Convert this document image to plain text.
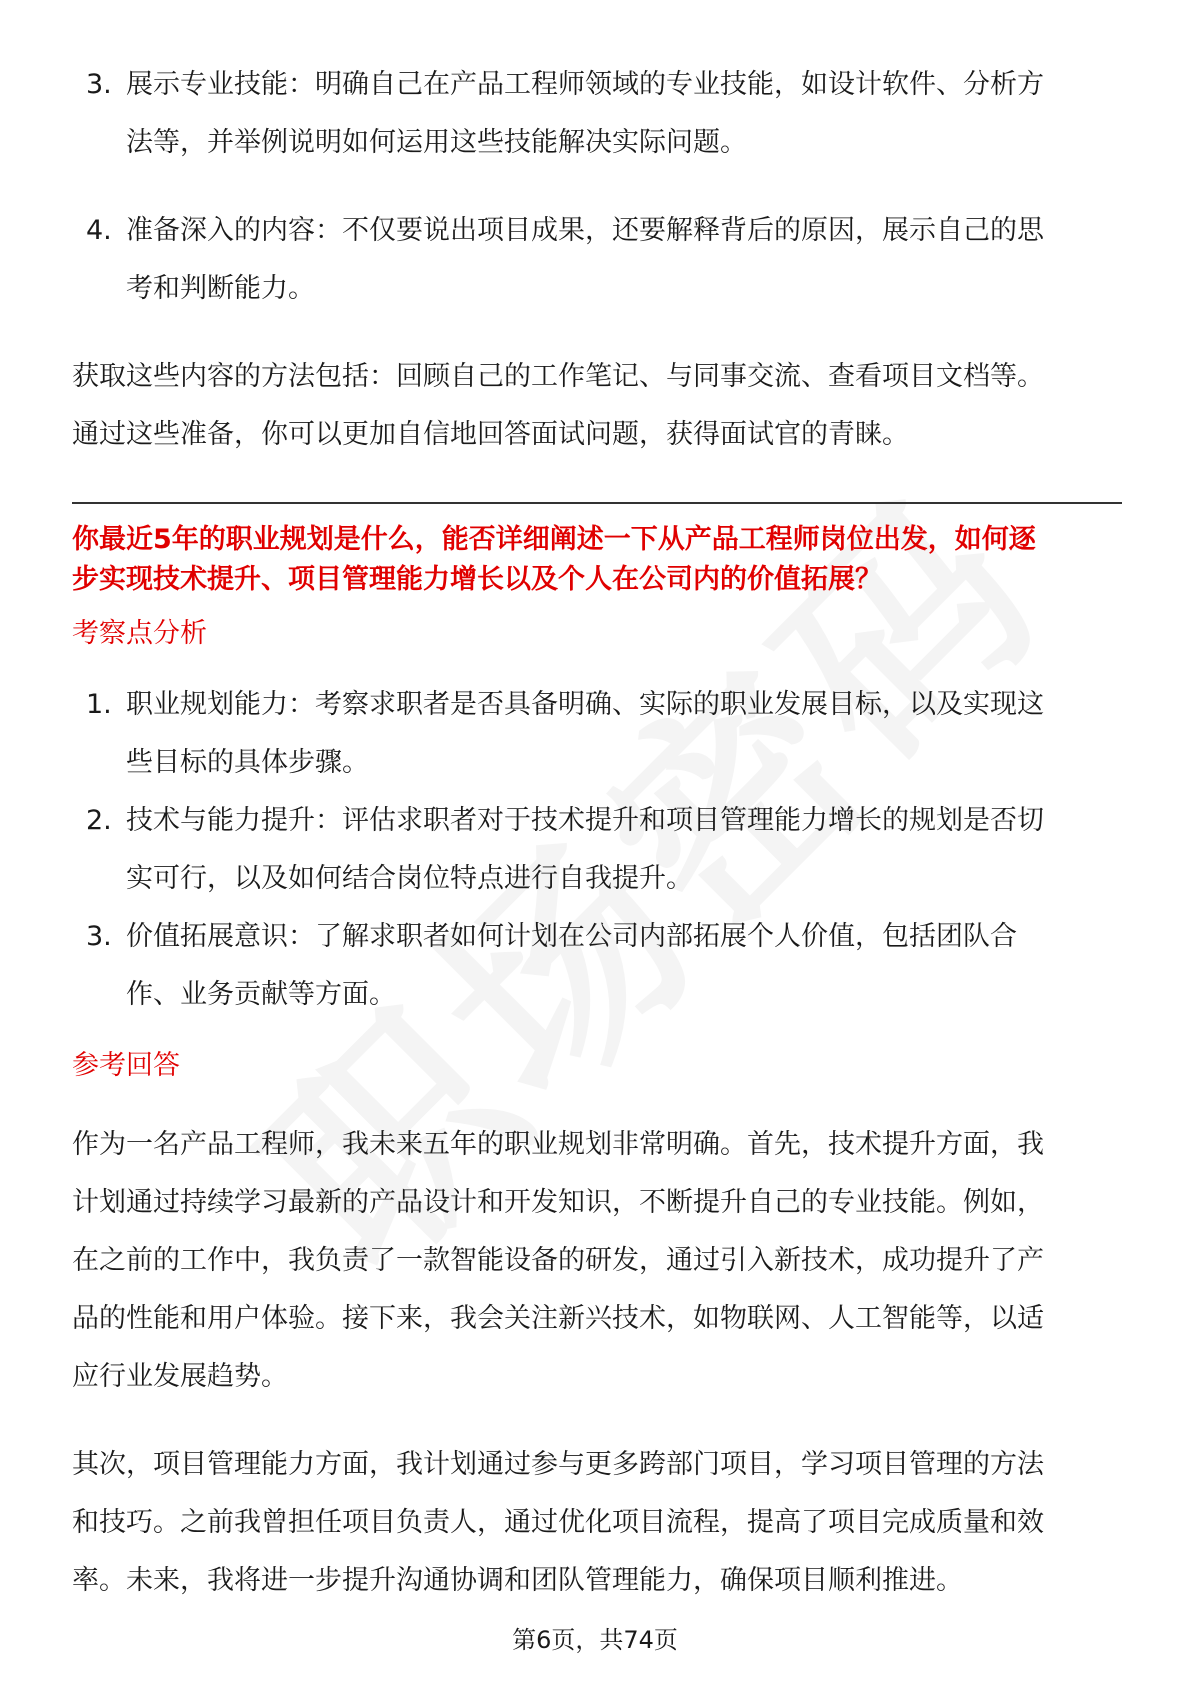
3. 展示专业技能：明确自己在产品工程师领域的专业技能，如设计软件、分析方
法等，并举例说明如何运用这些技能解决实际问题。
4. 准备深入的内容：不仅要说出项目成果，还要解释背后的原因，展示自己的思
考和判断能力。
获取这些内容的方法包括：回顾自己的工作笔记、与同事交流、查看项目文档等。
通过这些准备，你可以更加自信地回答面试问题，获得面试官的青睐。
你最近5年的职业规划是什么，能否详细阐述一下从产品工程师岗位出发，如何逐
步实现技术提升、项目管理能力增长以及个人在公司内的价值拓展？
考察点分析
1. 职业规划能力：考察求职者是否具备明确、实际的职业发展目标，以及实现这
些目标的具体步骤。
2. 技术与能力提升：评估求职者对于技术提升和项目管理能力增长的规划是否切
实可行，以及如何结合岗位特点进行自我提升。
3. 价值拓展意识：了解求职者如何计划在公司内部拓展个人价值，包括团队合
作、业务贡献等方面。
参考回答
作为一名产品工程师，我未来五年的职业规划非常明确。首先，技术提升方面，我
计划通过持续学习最新的产品设计和开发知识，不断提升自己的专业技能。例如，
在之前的工作中，我负责了一款智能设备的研发，通过引入新技术，成功提升了产
品的性能和用户体验。接下来，我会关注新兴技术，如物联网、人工智能等，以适
应行业发展趋势。
其次，项目管理能力方面，我计划通过参与更多跨部门项目，学习项目管理的方法
和技巧。之前我曾担任项目负责人，通过优化项目流程，提高了项目完成质量和效
率。未来，我将进一步提升沟通协调和团队管理能力，确保项目顺利推进。
第6页，共74页
